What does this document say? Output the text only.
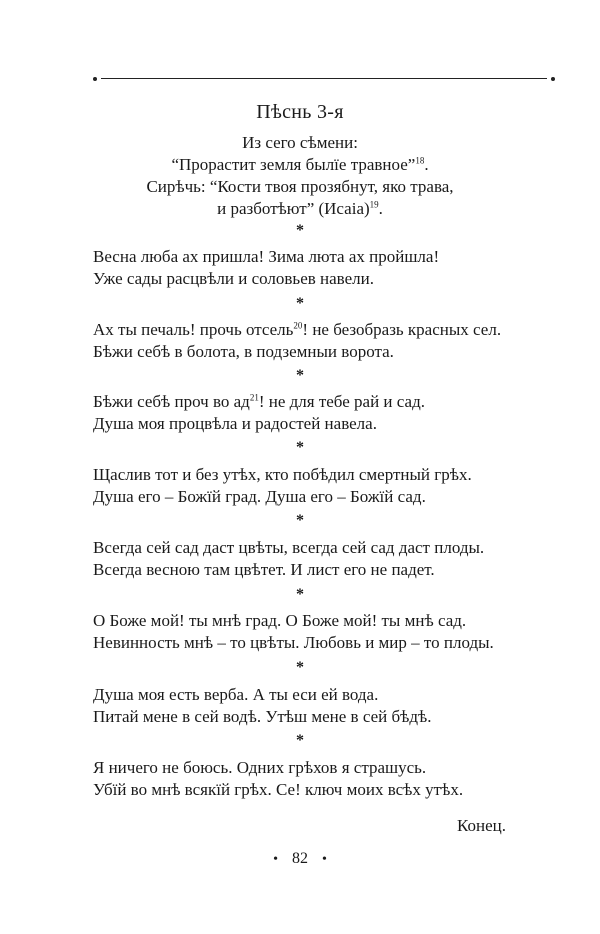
Пѣснь 3-я
Из сего сѣмени:
“Прорастит земля былїе травное”$^{18}$.
Сирѣчь: “Кости твоя прозябнут, яко трава,
и разботѣют” (Исаiа)$^{19}$.
*
*
*
*
*
*
*
*
Весна люба ах пришла! Зима люта ах пройшла!
Уже сады расцвѣли и соловьев навели.
Ах ты печаль! прочь отсель$^{20}$! не безобразь красных сел.
Бѣжи себѣ в болота, в подземныи ворота.
Бѣжи себѣ проч во $ад^{21}$! не для тебе рай и сад.
Душа моя процвѣла и радостей навела.
Щаслив тот и без утѣх, кто побѣдил смертный грѣх.
Душа его – Божїй град. Душа его – Божїй сад.
Всегда сей сад даст цвѣты, всегда сей сад даст плоды.
Всегда весною там цвѣтет. И лист его не падет.
О Боже мой! ты мнѣ град. О Боже мой! ты мнѣ сад.
Невинность мнѣ – то цвѣты. Любовь и мир – то плоды.
Душа моя есть верба. А ты еси ей вода.
Питай мене в сей водѣ. Утѣш мене в сей бѣдѣ.
Я ничего не боюсь. Одних грѣхов я страшусь.
Убїй во мнѣ всякїй грѣх. Се! ключ моих всѣх утѣх.
Конец.
• 82 •
